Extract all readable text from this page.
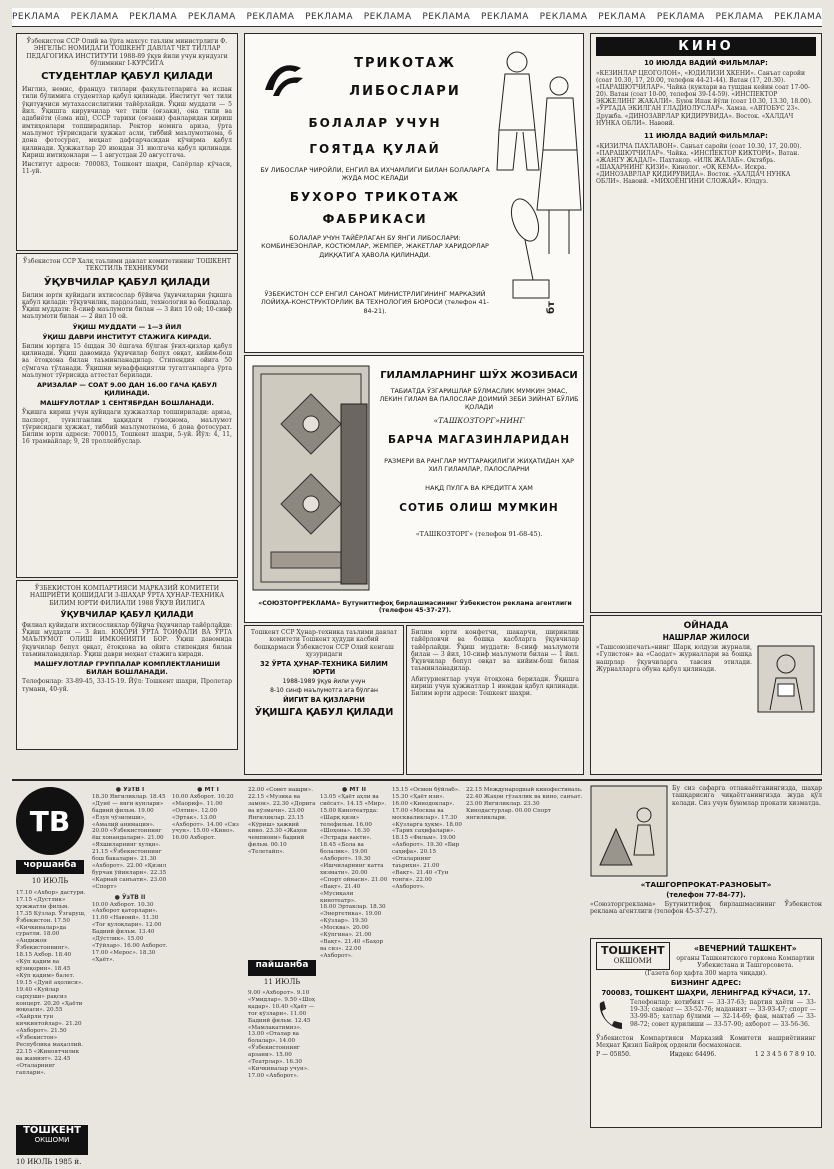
РЕКЛАМА РЕКЛАМА РЕКЛАМА РЕКЛАМА РЕКЛАМА РЕКЛАМА РЕКЛАМА РЕКЛАМА РЕКЛАМА РЕКЛАМА РЕКЛАМА РЕКЛАМА РЕКЛАМА РЕКЛАМА

Ўзбекистон ССР Олий ва ўрта махсус таълим министрлиги Ф. ЭНГЕЛЬС НОМИДАГИ ТОШКЕНТ ДАВЛАТ ЧЕТ ТИЛЛАР ПЕДАГОГИКА ИНСТИТУТИ 1988-89 ўқув йили учун кундузги бўлимнинг I-КУРСИГА

СТУДЕНТЛАР ҚАБУЛ ҚИЛАДИ

Инглиз, немис, француз тиллари факультетларига ва испан тили бўлимига студентлар қабул қилинади. Институт чет тили ўқитувчиси мутахассислигини тайёрлайди. Ўқиш муддати — 5 йил. Ўқишга кирувчилар чет тили (оғзаки), она тили ва адабиёти (ёзма иш), СССР тарихи (оғзаки) фанларидан кириш имтиҳонлари топширадилар. Ректор номига ариза, ўрта маълумот тўғрисидаги ҳужжат асли, тиббий маълумотнома, 6 дона фотосурат, меҳнат дафтарчасидан кўчирма қабул қилинади. Ҳужжатлар 20 июндан 31 июлгача қабул қилинади. Кириш имтиҳонлари — 1 августдан 20 августгача.

Институт адреси: 700083, Тошкент шаҳри, Сапёрлар кўчаси, 11-уй.

Ўзбекистон ССР Халқ таълими давлат комитетининг ТОШКЕНТ ТЕКСТИЛЬ ТЕХНИКУМИ

ЎҚУВЧИЛАР ҚАБУЛ ҚИЛАДИ

Билим юрти қуйидаги ихтисослар бўйича ўқувчиларни ўқишга қабул қилади: тўқувчилик, пардозлаш, технология ва бошқалар. Ўқиш муддати: 8-синф маълумоти билан — 3 йил 10 ой; 10-синф маълумоти билан — 2 йил 10 ой.

ЎҚИШ МУДДАТИ — 1—3 ЙИЛ
ЎҚИШ ДАВРИ ИНСТИТУТ СТАЖИГА КИРАДИ.

Билим юртига 15 ёшдан 30 ёшгача бўлган ўғил-қизлар қабул қилинади. Ўқиш давомида ўқувчилар бепул овқат, кийим-бош ва ётоқхона билан таъминланадилар. Стипендия ойига 50 сўмгача тўланади. Ўқишни муваффақиятли тугатганларга ўрта маълумот тўғрисида аттестат берилади.

АРИЗАЛАР — СОАТ 9.00 ДАН 16.00 ГАЧА ҚАБУЛ ҚИЛИНАДИ.
МАШҒУЛОТЛАР 1 СЕНТЯБРДАН БОШЛАНАДИ.

Ўқишга кириш учун қуйидаги ҳужжатлар топширилади: ариза, паспорт, туғилганлик ҳақидаги гувоҳнома, маълумот тўғрисидаги ҳужжат, тиббий маълумотнома, 6 дона фотосурат. Билим юрти адреси: 700015, Тошкент шаҳри, 5-уй. Йўл: 4, 11, 16 трамвайлар; 9, 28 троллейбуслар.

ЎЗБЕКИСТОН КОМПАРТИЯСИ МАРКАЗИЙ КОМИТЕТИ НАШРИЁТИ ҚОШИДАГИ 3-ШАҲАР ЎРТА ҲУНАР-ТЕХНИКА БИЛИМ ЮРТИ ФИЛИАЛИ 1988 ЎҚУВ ЙИЛИГА

ЎҚУВЧИЛАР ҚАБУЛ ҚИЛАДИ

Филиал қуйидаги ихтисосликлар бўйича ўқувчилар тайёрлайди: Ўқиш муддати — 3 йил. ЮҚОРИ ЎРТА ТОИФАЛИ ВА ЎРТА МАЪЛУМОТ ОЛИШ ИМКОНИЯТИ БОР. Ўқиш давомида ўқувчилар бепул овқат, ётоқхона ва ойига стипендия билан таъминланадилар. Ўқиш даври меҳнат стажига киради.

МАШҒУЛОТЛАР ГРУППАЛАР КОМПЛЕКТЛАНИШИ БИЛАН БОШЛАНАДИ.

Телефонлар: 33-89-45, 33-15-19. Йўл: Тошкент шаҳри, Пролетар тумани, 40-уй.

ТРИКОТАЖ
ЛИБОСЛАРИ
БОЛАЛАР УЧУН
ГОЯТДА ҚУЛАЙ
БУ ЛИБОСЛАР ЧИРОЙЛИ, ЕНГИЛ ВА ИХЧАМЛИГИ БИЛАН БОЛАЛАРГА ЖУДА МОС КЕЛАДИ
БУХОРО ТРИКОТАЖ
ФАБРИКАСИ
БОЛАЛАР УЧУН ТАЙЁРЛАГАН БУ ЯНГИ ЛИБОСЛАРИ: КОМБИНЕЗОНЛАР, КОСТЮМЛАР, ЖЕМПЕР, ЖАКЕТЛАР ХАРИДОРЛАР ДИҚҚАТИГА ҲАВОЛА ҚИЛИНАДИ.
ЎЗБЕКИСТОН ССР ЕНГИЛ САНОАТ МИНИСТРЛИГИНИНГ МАРКАЗИЙ ЛОЙИҲА-КОНСТРУКТОРЛИК ВА ТЕХНОЛОГИЯ БЮРОСИ (телефон 41-84-21).	бт
ГИЛАМЛАРНИНГ ШЎХ ЖОЗИБАСИ
ТАБИАТДА ЎЗГАРИШЛАР БЎЛМАСЛИК МУМКИН ЭМАС, ЛЕКИН ГИЛАМ ВА ПАЛОСЛАР ДОИМИЙ ЗЕБИ ЗИЙНАТ БЎЛИБ ҚОЛАДИ
«ТАШКОЗТОРГ»НИНГ
БАРЧА МАГАЗИНЛАРИДАН
РАЗМЕРИ ВА РАНГЛАР МУТТАРАҚИЛИГИ ЖИҲАТИДАН ҲАР ХИЛ ГИЛАМЛАР, ПАЛОСЛАРНИ
НАҚД ПУЛГА ВА КРЕДИТГА ҲАМ
СОТИБ ОЛИШ МУМКИН
«ТАШКОЗТОРГ» (телефон 91-68-45).
«СОЮЗТОРГРЕКЛАМА» Бутуниттифоқ бирлашмасининг Ўзбекистон реклама агентлиги (телефон 45-37-27).

Тошкент ССР Ҳунар-техника таълими давлат комитети Тошкент ҳудуди касбий бошқармаси Ўзбекистон ССР Олий кенгаш ҳузуридаги

32 ЎРТА ҲУНАР-ТЕХНИКА БИЛИМ ЮРТИ
1988-1989 ўқув йили учун
8-10 синф маълумотга эга бўлган
ЙИГИТ ВА ҚИЗЛАРНИ
ЎҚИШГА ҚАБУЛ ҚИЛАДИ

Билим юрти конфетчи, шакарчи, ширинлик тайёрловчи ва бошқа касбларга ўқувчилар тайёрлайди. Ўқиш муддати: 8-синф маълумоти билан — 3 йил, 10-синф маълумоти билан — 1 йил. Ўқувчилар бепул овқат ва кийим-бош билан таъминланадилар.

Абитуриентлар учун ётоқхона берилади. Ўқишга кириш учун ҳужжатлар 1 июндан қабул қилинади. Билим юрти адреси: Тошкент шаҳри.

КИНО
10 ИЮЛДА ВАДИЙ ФИЛЬМЛАР:

«КЕЗИНЛАР ЦЕОГОЛОН», «ЮДИЛИЗИ ХКЕНИ». Санъат саройи (соат 10.30, 17, 20.00, телефон 44-21-44). Ватан (17, 20.30). «ПАРАШЮТЧИЛАР». Чайка (кунлари ва тушдан кейин соат 17-00-20). Ватан (соат 10-00, телефон 39-14-59). «ИНСПЕКТОР ЭКЖЕЛИНГ ЖАКАЛИ». Буюк Ипак йўли (соат 10.30, 13.30, 18.00). «ЎРТАДА ЭКИЛГАН ГЛАДИОЛУСЛАР». Хамза. «АВТОБУС 23». Дружба. «ДИНОЗАВРЛАР ҚИДИРУВИДА». Восток. «ХАЛДАЧ НУНКА ОБЛИ». Навоий.

11 ИЮЛДА ВАДИЙ ФИЛЬМЛАР:

«ҚИЗИЛЧА ПАХЛАВОН». Санъат саройи (соат 10.30, 17, 20.00). «ПАРАШЮТЧИЛАР». Чайка. «ИНСПЕКТОР КИКТОРИ». Ватан. «ЖАНГУ ЖАДАЛ». Пахтакор. «ИЛК ЖАЛАБ». Октябрь. «ШАҲАРНИНГ ҚИЗИ». Кинолог. «ОҚ КЕМА». Искра. «ДИНОЗАВРЛАР ҚИДИРУВИДА». Восток. «ХАЛДАЧ НУНКА ОБЛИ». Навоий. «МИХОЁНГИНИ СЛОЖАЙ». Юлдуз.

ОЙНАДА
НАШРЛАР ЖИЛОСИ

«Ташсоюзпечать»нинг Шарқ юлдузи журнали, «Гулистон» ва «Саодат» журналлари ва бошқа нашрлар ўқувчиларга тавсия этилади. Журналларга обуна қабул қилинади.

ТВ
чоршанба
10 ИЮЛЬ

17.10 «Ахбор» дастури. 17.15 «Дустлик» ҳужжатли фильм. 17.35 Кўзлар. Ўзгаруш, Ўзбекистон. 17.50 «Кичкиналар»да суратли. 18.00 «Андижон Ўзбекистоннинг». 18.15 Ахбор. 18.40 «Кўп қадим ва қўзиқорин». 18.45 «Кўп қадим» балет. 19.15 «Дунё аҳолиси». 19.40 «Куйлар сархуши» рақсиз концерт. 20.20 «Ҳаёти воқеаси». 20.55 «Хайрли тун кичкинтойлар». 21.20 «Ахборот». 21.50 «Ўзбекистон» Республика маҳаллий. 22.15 «Жиноятчилик ва жамият». 22.45 «Оталарнинг гаплари».

● ЎзТВ I

18.30 Янгиликлар. 18.45 «Дунё — янги кунлари» бадиий фильм. 19.00 «Ёзув чўзилиши», «Амалий анимация». 20.00 «Ўзбекистоннинг ёш хонандалари». 21.00 «Яхшиларнинг хулқи». 21.15 «Ўзбекистоннинг бош бакалари». 21.30 «Ахборот». 22.00 «Қизил бурчак ўйинлари». 22.35 «Карнай санъати». 23.00 «Спорт»

● ЎзТВ II

10.00 Ахборот. 10.30 «Ахборот қаторлари». 11.00 «Навоий». 11.30 «Тоғ қулоқлари». 12.00 Бадиий фильм. 13.40 «Дўстлик». 15.00 «Тўйлар». 16.00 Ахборот. 17.00 «Мерос». 18.30 «Ҳаёт».

● МТ I

10.00 Ахборот. 10.20 «Маориф». 11.00 «Олтин». 12.00 «Эртак». 13.00 «Ахборот». 14.00 «Сиз учун». 15.00 «Кино». 16.00 Ахборот.

22.00 «Совет нашри». 22.15 «Музика ва замон». 22.30 «Дорига ва кўзмачи». 23.00 Янгиликлар. 23.15 «Кўриш» ҳажвий кино. 23.30 «Жаҳон чемпиони» бадиий фильм. 00.10 «Телетайп».

пайшанба
11 ИЮЛЬ

9.00 «Ахборот». 9.10 «Умидлар». 9.50 «Шоҳ қадар». 10.40 «Ҳаёт — тоғ кўзлари». 11.00 Бадиий фильм. 12.45 «Мамлакатимиз». 13.00 «Оталар ва болалар». 14.00 «Ўзбекистоннинг арзани». 15.00 «Театрлар». 16.30 «Кичкиналар учун». 17.00 «Ахборот».

● МТ II

13.05 «Ҳаёт аҳли ва сиёсат». 14.15 «Мир». 15.00 Кинотеатрда: «Шарқ қизи» телефильм. 16.00 «Шоҳона». 16.30 «Эстрада вакти». 18.45 «Бола ва болалик». 19.00 «Ахборот». 19.30 «Ишчиларнинг катта хизмати». 20.00 «Спорт ойнаси». 21.00 «Вақт». 21.40 «Мусиқали кинотеатр».

18.00 Эртаклар. 18.30 «Энергетика». 19.00 «Кўзлар». 19.30 «Москва». 20.00 «Кўпгина». 21.00 «Вақт». 21.40 «Баҳор ва сиз». 22.00 «Ахборот».

15.15 «Осмон бўйлаб». 15.30 «Ҳаёт изи». 16.00 «Кинодоклар». 17.00 «Москва ва москваликлар». 17.30 «Кўзларга ҳукм». 18.00 «Тарих саҳифалари». 18.15 «Фильм». 19.00 «Ахборот». 19.30 «Бир саҳифа». 20.15 «Оталарнинг таърихи». 21.00 «Вақт». 21.40 «Тун тонги». 22.00 «Ахборот».

22.15 Международный кинофестиваль. 22.40 Жаҳон гўзаллик ва кино, санъат. 23.00 Янгиликлар. 23.30 Кинодастурлар. 00.00 Спорт янгиликлари.

Бу сиз сафарга отланаётганингизда, шаҳар ташқарисига чиқаётганингизда жуда қўл келади. Сиз учун буюмлар прокати хизматда.

«ТАШГОРПРОКАТ-РАЗНОБЫТ»
(телефон 77-84-77).

«Союзторгреклама» Бутуниттифоқ бирлашмасининг Ўзбекистон реклама агентлиги (телефон 45-37-27).

ТОШКЕНТ
ОКШОМИ
«ВЕЧЕРНИЙ ТАШКЕНТ»

органы Ташкентского горкома Компартии Узбекистана и Ташгорсовета.

(Газета бор ҳафта 300 марта чиқади).

БИЗНИНГ АДРЕС:
700083, ТОШКЕНТ ШАҲРИ, ЛЕНИНГРАД КЎЧАСИ, 17.

Телефонлар: котибият — 33-37-63; партия ҳаёти — 33-19-33; саноат — 33-52-76; маданият — 33-93-47; спорт — 33-99-85; хатлар бўлими — 32-14-69; фан, мактаб — 33-98-72; совет қурилиши — 33-57-90; ахборот — 33-56-36.

Ўзбекистон Компартияси Марказий Комитети нашриётининг Меҳнат Қизил Байроқ орденли босмахонаси.

Р — 05850.	Индекс 64496.	1 2 3 4 5 6 7 8 9 10.
ТОШКЕНТ
ОКШОМИ
10 ИЮЛЬ 1985 й.
